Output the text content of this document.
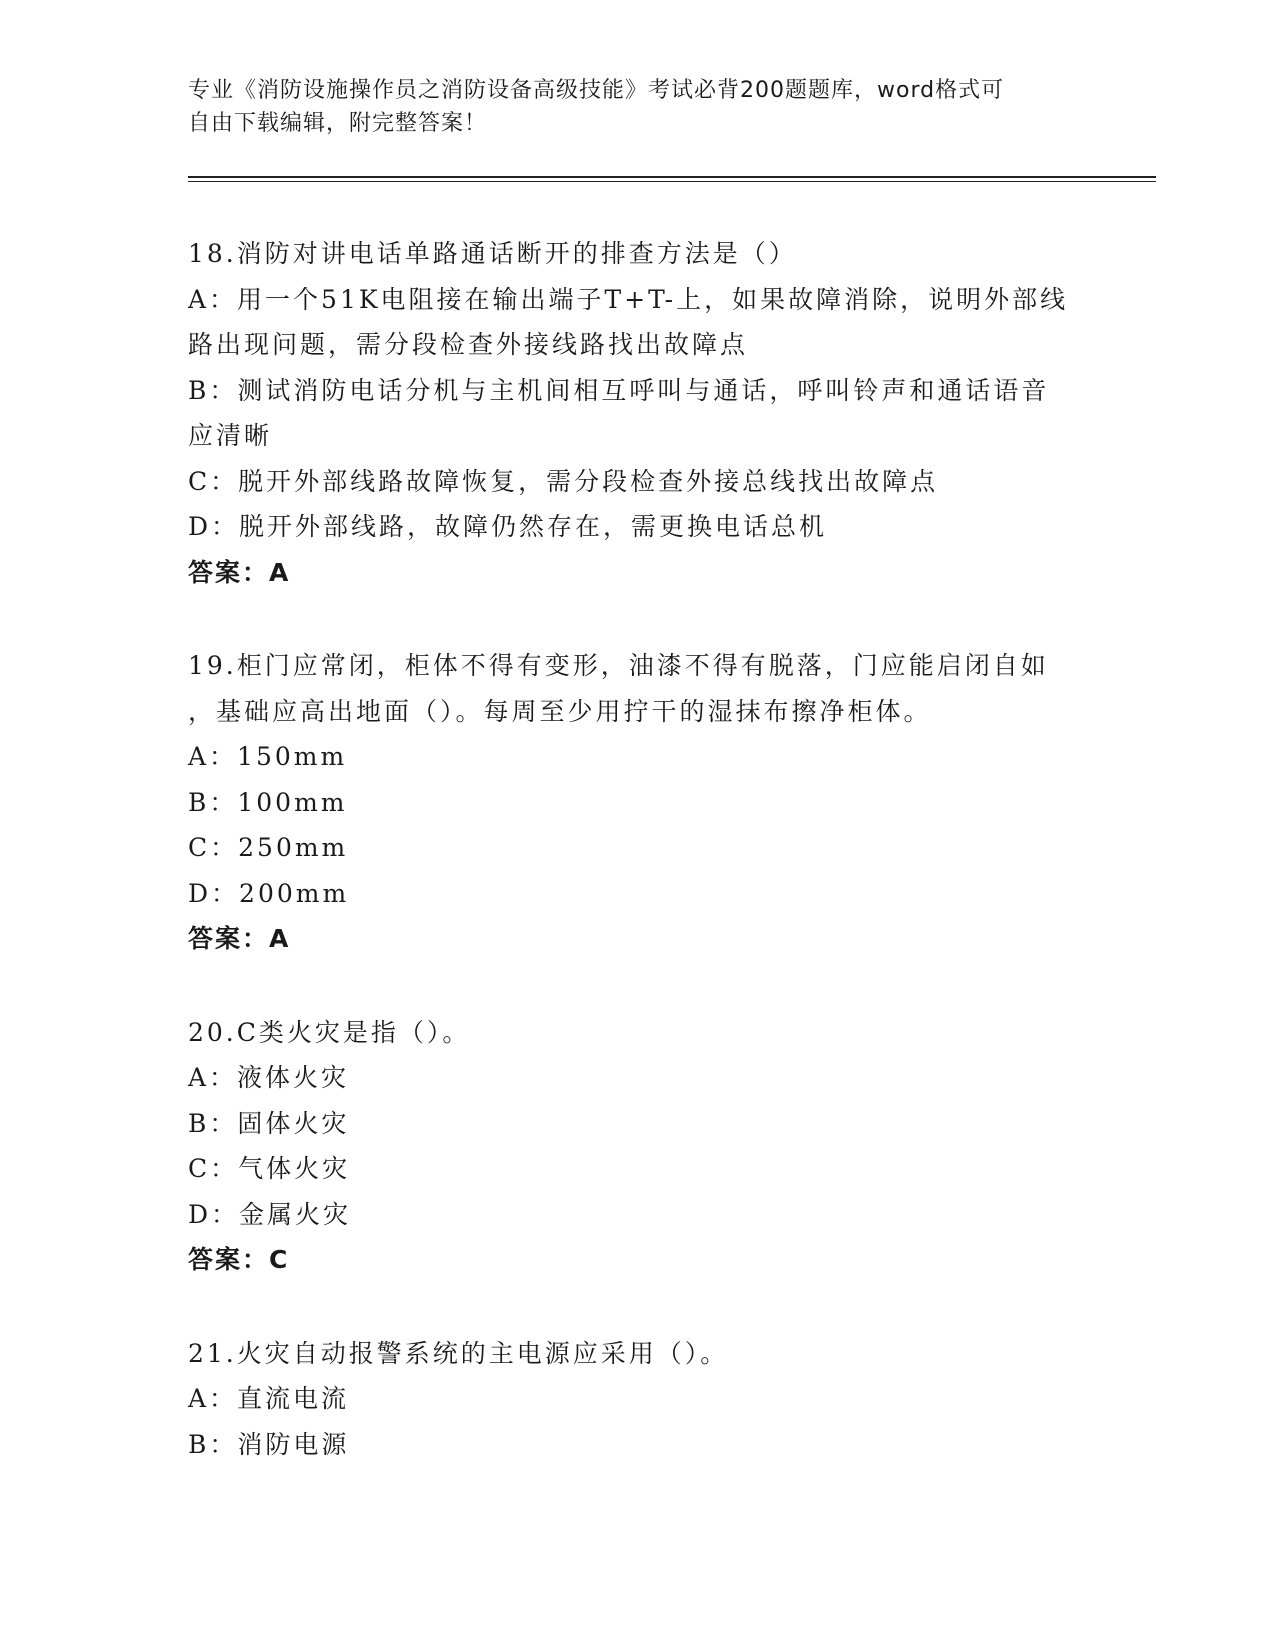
专业《消防设施操作员之消防设备高级技能》考试必背200题题库，word格式可
自由下载编辑，附完整答案！
18.消防对讲电话单路通话断开的排查方法是（）
A：用一个51K电阻接在输出端子T+T-上，如果故障消除，说明外部线
路出现问题，需分段检查外接线路找出故障点
B：测试消防电话分机与主机间相互呼叫与通话，呼叫铃声和通话语音
应清晰
C：脱开外部线路故障恢复，需分段检查外接总线找出故障点
D：脱开外部线路，故障仍然存在，需更换电话总机
答案：A
19.柜门应常闭，柜体不得有变形，油漆不得有脱落，门应能启闭自如
，基础应高出地面（）。每周至少用拧干的湿抹布擦净柜体。
A：150mm
B：100mm
C：250mm
D：200mm
答案：A
20.C类火灾是指（）。
A：液体火灾
B：固体火灾
C：气体火灾
D：金属火灾
答案：C
21.火灾自动报警系统的主电源应采用（）。
A：直流电流
B：消防电源
